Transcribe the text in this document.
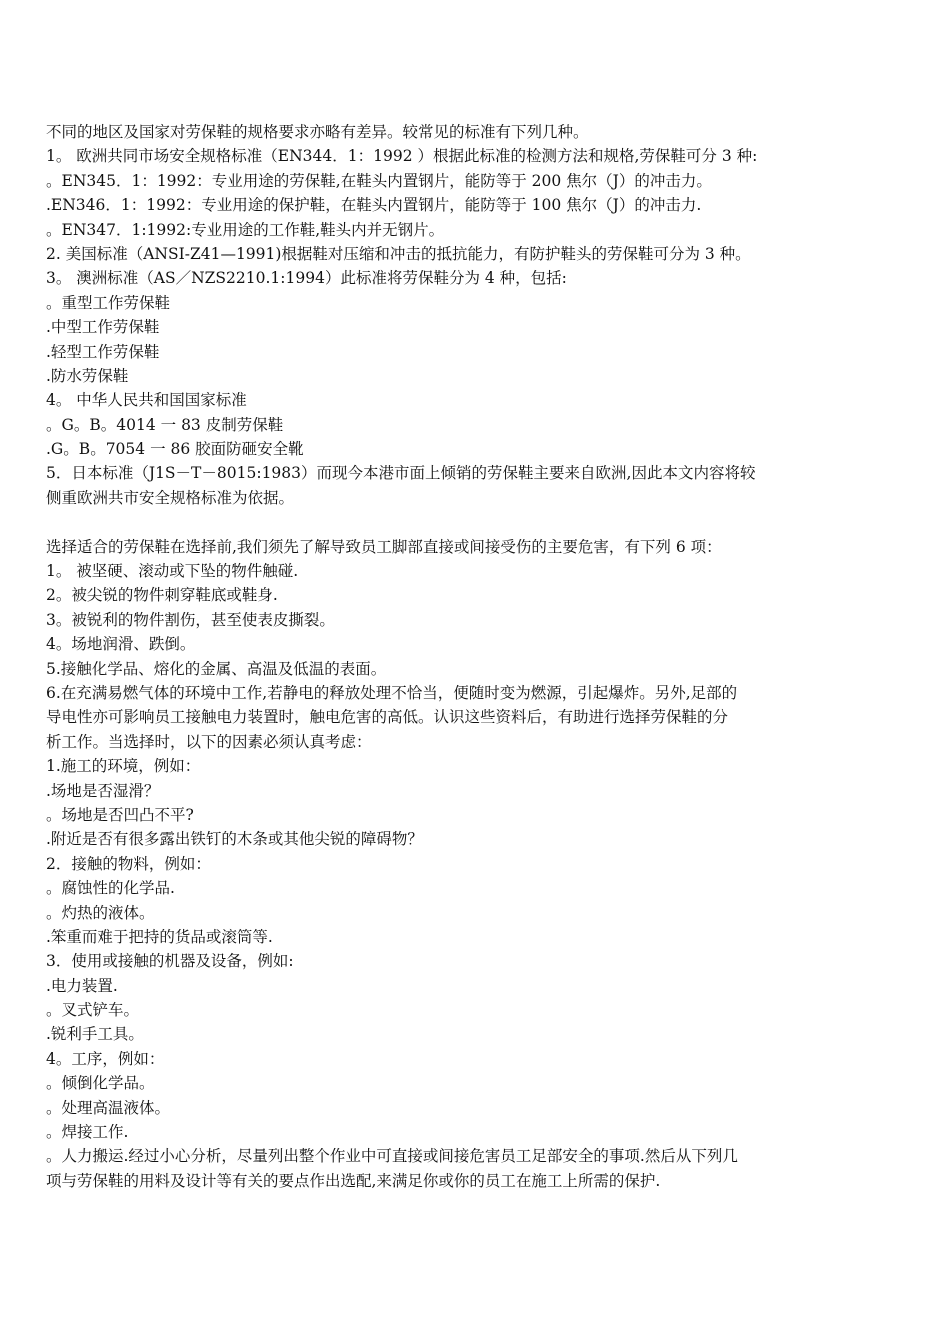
不同的地区及国家对劳保鞋的规格要求亦略有差异。较常见的标准有下列几种。
1。 欧洲共同市场安全规格标准（EN344．1：1992 ）根据此标准的检测方法和规格,劳保鞋可分 3 种:
。EN345．1：1992：专业用途的劳保鞋,在鞋头内置钢片，能防等于 200 焦尔（J）的冲击力。
.EN346．1：1992：专业用途的保护鞋，在鞋头内置钢片，能防等于 100 焦尔（J）的冲击力.
。EN347．1:1992:专业用途的工作鞋,鞋头内并无钢片。
2. 美国标准（ANSI-Z41—1991)根据鞋对压缩和冲击的抵抗能力，有防护鞋头的劳保鞋可分为 3 种。
3。 澳洲标准（AS／NZS2210.1:1994）此标准将劳保鞋分为 4 种，包括:
。重型工作劳保鞋
.中型工作劳保鞋
.轻型工作劳保鞋
.防水劳保鞋
4。 中华人民共和国国家标准
。G。B。4014 一 83 皮制劳保鞋
.G。B。7054 一 86 胶面防砸安全靴
5．日本标准（J1S－T－8015:1983）而现今本港市面上倾销的劳保鞋主要来自欧洲,因此本文内容将较
侧重欧洲共市安全规格标准为依据。
选择适合的劳保鞋在选择前,我们须先了解导致员工脚部直接或间接受伤的主要危害，有下列 6 项：
1。 被坚硬、滚动或下坠的物件触碰.
2。被尖锐的物件刺穿鞋底或鞋身.
3。被锐利的物件割伤，甚至使表皮撕裂。
4。场地润滑、跌倒。
5.接触化学品、熔化的金属、高温及低温的表面。
6.在充满易燃气体的环境中工作,若静电的释放处理不恰当，便随时变为燃源，引起爆炸。另外,足部的
导电性亦可影响员工接触电力装置时，触电危害的高低。认识这些资料后，有助进行选择劳保鞋的分
析工作。当选择时，以下的因素必须认真考虑：
1.施工的环境，例如：
.场地是否湿滑？
。场地是否凹凸不平?
.附近是否有很多露出铁钉的木条或其他尖锐的障碍物？
2．接触的物料，例如：
。腐蚀性的化学品.
。灼热的液体。
.笨重而难于把持的货品或滚筒等.
3．使用或接触的机器及设备，例如:
.电力装置.
。叉式铲车。
.锐利手工具。
4。工序，例如：
。倾倒化学品。
。处理高温液体。
。焊接工作.
。人力搬运.经过小心分析，尽量列出整个作业中可直接或间接危害员工足部安全的事项.然后从下列几
项与劳保鞋的用料及设计等有关的要点作出选配,来满足你或你的员工在施工上所需的保护.
